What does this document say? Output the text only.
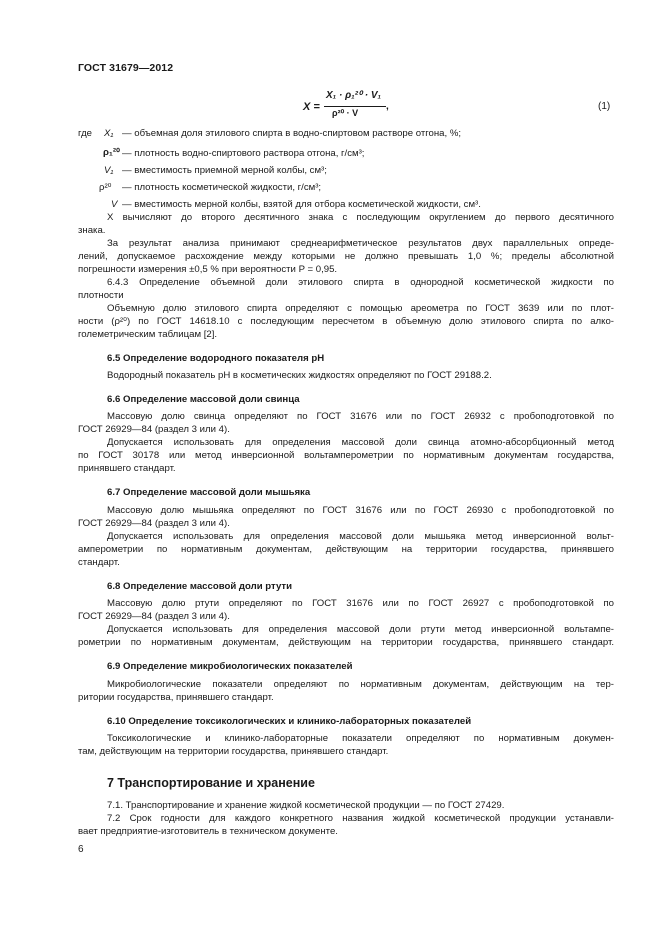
ГОСТ 31679—2012
X =
X₁ · ρ₁²⁰ · V₁
ρ²⁰ · V
,	(1)
где X₁ — объемная доля этилового спирта в водно-спиртовом растворе отгона, %;
ρ₁²⁰ — плотность водно-спиртового раствора отгона, г/см³;
V₁ — вместимость приемной мерной колбы, см³;
ρ²⁰ — плотность косметической жидкости, г/см³;
V — вместимость мерной колбы, взятой для отбора косметической жидкости, см³.
X вычисляют до второго десятичного знака с последующим округлением до первого десятичного
знака.
За результат анализа принимают среднеарифметическое результатов двух параллельных опреде-
лений, допускаемое расхождение между которыми не должно превышать 1,0 %; пределы абсолютной
погрешности измерения ±0,5 % при вероятности P = 0,95.
6.4.3 Определение объемной доли этилового спирта в однородной косметической жидкости по
плотности
Объемную долю этилового спирта определяют с помощью ареометра по ГОСТ 3639 или по плот-
ности (ρ²⁰) по ГОСТ 14618.10 с последующим пересчетом в объемную долю этилового спирта по алко-
големетрическим таблицам [2].
6.5 Определение водородного показателя pH
Водородный показатель pH в косметических жидкостях определяют по ГОСТ 29188.2.
6.6 Определение массовой доли свинца
Массовую долю свинца определяют по ГОСТ 31676 или по ГОСТ 26932 с пробоподготовкой по
ГОСТ 26929—84 (раздел 3 или 4).
Допускается использовать для определения массовой доли свинца атомно-абсорбционный метод
по ГОСТ 30178 или метод инверсионной вольтамперометрии по нормативным документам государства,
принявшего стандарт.
6.7 Определение массовой доли мышьяка
Массовую долю мышьяка определяют по ГОСТ 31676 или по ГОСТ 26930 с пробоподготовкой по
ГОСТ 26929—84 (раздел 3 или 4).
Допускается использовать для определения массовой доли мышьяка метод инверсионной вольт-
амперометрии по нормативным документам, действующим на территории государства, принявшего
стандарт.
6.8 Определение массовой доли ртути
Массовую долю ртути определяют по ГОСТ 31676 или по ГОСТ 26927 с пробоподготовкой по
ГОСТ 26929—84 (раздел 3 или 4).
Допускается использовать для определения массовой доли ртути метод инверсионной вольтампе-
рометрии по нормативным документам, действующим на территории государства, принявшего стандарт.
6.9 Определение микробиологических показателей
Микробиологические показатели определяют по нормативным документам, действующим на тер-
ритории государства, принявшего стандарт.
6.10 Определение токсикологических и клинико-лабораторных показателей
Токсикологические и клинико-лабораторные показатели определяют по нормативным докумен-
там, действующим на территории государства, принявшего стандарт.
7 Транспортирование и хранение
7.1. Транспортирование и хранение жидкой косметической продукции — по ГОСТ 27429.
7.2 Срок годности для каждого конкретного названия жидкой косметической продукции устанавли-
вает предприятие-изготовитель в техническом документе.
6
